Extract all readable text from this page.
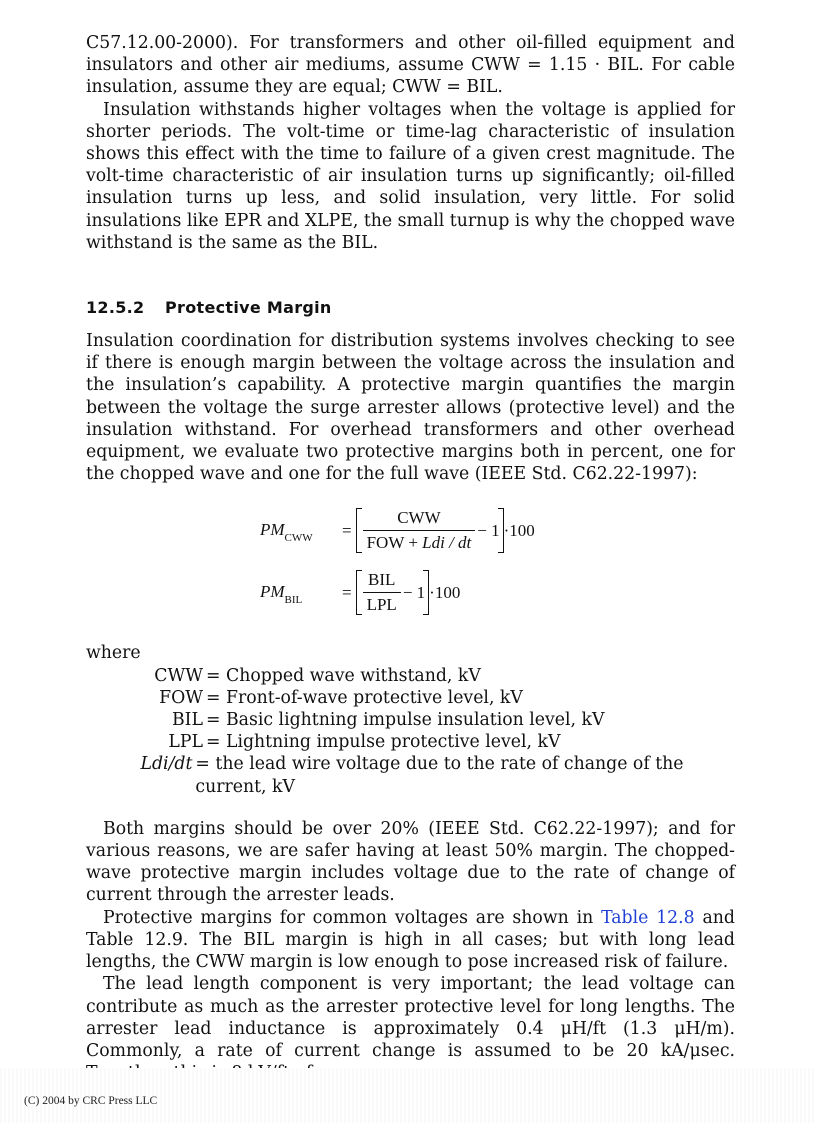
C57.12.00-2000). For transformers and other oil-filled equipment and insulators and other air mediums, assume CWW = 1.15 · BIL. For cable insulation, assume they are equal; CWW = BIL.

Insulation withstands higher voltages when the voltage is applied for shorter periods. The volt-time or time-lag characteristic of insulation shows this effect with the time to failure of a given crest magnitude. The volt-time characteristic of air insulation turns up significantly; oil-filled insulation turns up less, and solid insulation, very little. For solid insulations like EPR and XLPE, the small turnup is why the chopped wave withstand is the same as the BIL.

12.5.2 Protective Margin

Insulation coordination for distribution systems involves checking to see if there is enough margin between the voltage across the insulation and the insulation’s capability. A protective margin quantifies the margin between the voltage the surge arrester allows (protective level) and the insulation withstand. For overhead transformers and other overhead equipment, we evaluate two protective margins both in percent, one for the chopped wave and one for the full wave (IEEE Std. C62.22-1997):

$PM_{CWW}$	= $\frac{\text{CWW}}{\text{FOW + Ldi / dt}} - 1 \cdot 100$
$PM_{BIL}$	= $\frac{\text{BIL}}{\text{LPL}} - 1 \cdot 100$

where

CWW = Chopped wave withstand, kV
FOW = Front-of-wave protective level, kV
BIL = Basic lightning impulse insulation level, kV
LPL = Lightning impulse protective level, kV
Ldi/dt = the lead wire voltage due to the rate of change of the current, kV

Both margins should be over 20% (IEEE Std. C62.22-1997); and for various reasons, we are safer having at least 50% margin. The chopped-wave protective margin includes voltage due to the rate of change of current through the arrester leads.

Protective margins for common voltages are shown in Table 12.8 and Table 12.9. The BIL margin is high in all cases; but with long lead lengths, the CWW margin is low enough to pose increased risk of failure.

The lead length component is very important; the lead voltage can contribute as much as the arrester protective level for long lengths. The arrester lead inductance is approximately 0.4 μH/ft (1.3 μH/m). Commonly, a rate of current change is assumed to be 20 kA/μsec.

(C) 2004 by CRC Press LLC
